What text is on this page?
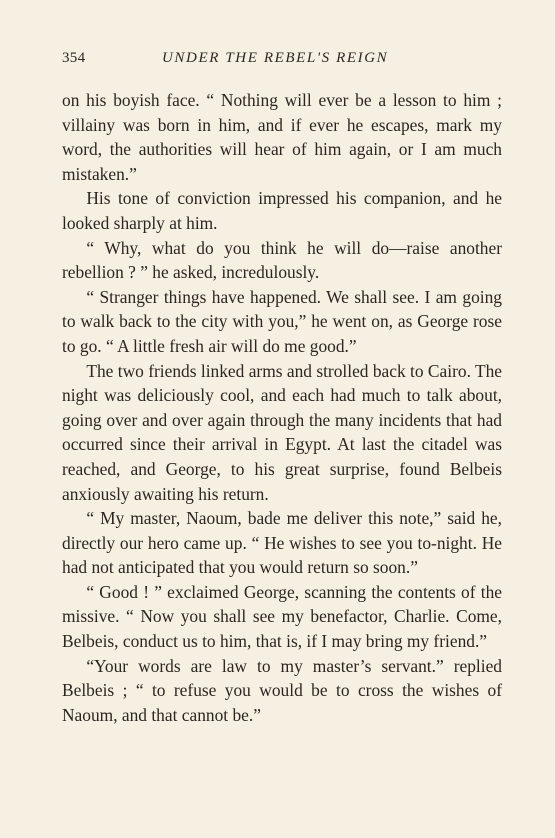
354	UNDER THE REBEL'S REIGN

on his boyish face. “ Nothing will ever be a lesson to him ; villainy was born in him, and if ever he escapes, mark my word, the authorities will hear of him again, or I am much mistaken.”

His tone of conviction impressed his companion, and he looked sharply at him.

“ Why, what do you think he will do—raise another rebellion ? ” he asked, incredulously.

“ Stranger things have happened. We shall see. I am going to walk back to the city with you,” he went on, as George rose to go. “ A little fresh air will do me good.”

The two friends linked arms and strolled back to Cairo. The night was deliciously cool, and each had much to talk about, going over and over again through the many incidents that had occurred since their arrival in Egypt. At last the citadel was reached, and George, to his great surprise, found Belbeis anxiously awaiting his return.

“ My master, Naoum, bade me deliver this note,” said he, directly our hero came up. “ He wishes to see you to-night. He had not anticipated that you would return so soon.”

“ Good ! ” exclaimed George, scanning the contents of the missive. “ Now you shall see my benefactor, Charlie. Come, Belbeis, conduct us to him, that is, if I may bring my friend.”

“Your words are law to my master’s servant.” replied Belbeis ; “ to refuse you would be to cross the wishes of Naoum, and that cannot be.”
